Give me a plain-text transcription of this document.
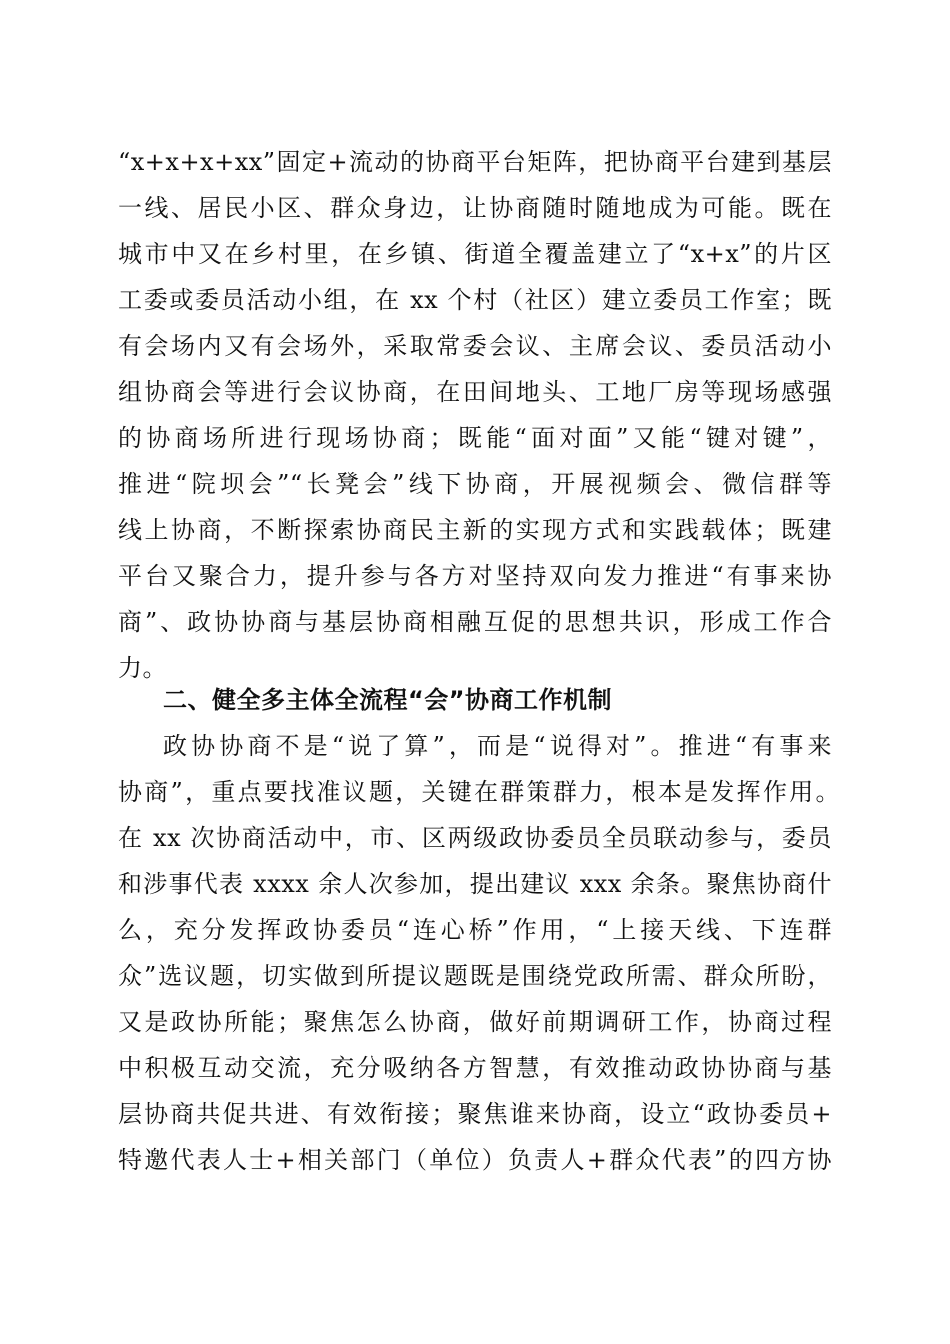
“x+x+x+xx”固定+流动的协商平台矩阵，把协商平台建到基层
一线、居民小区、群众身边，让协商随时随地成为可能。既在
城市中又在乡村里，在乡镇、街道全覆盖建立了“x+x”的片区
工委或委员活动小组，在 xx 个村（社区）建立委员工作室；既
有会场内又有会场外，采取常委会议、主席会议、委员活动小
组协商会等进行会议协商，在田间地头、工地厂房等现场感强
的协商场所进行现场协商；既能“面对面”又能“键对键”，
推进“院坝会”“长凳会”线下协商，开展视频会、微信群等
线上协商，不断探索协商民主新的实现方式和实践载体；既建
平台又聚合力，提升参与各方对坚持双向发力推进“有事来协
商”、政协协商与基层协商相融互促的思想共识，形成工作合
力。
二、健全多主体全流程“会”协商工作机制
政协协商不是“说了算”，而是“说得对”。推进“有事来
协商”，重点要找准议题，关键在群策群力，根本是发挥作用。
在 xx 次协商活动中，市、区两级政协委员全员联动参与，委员
和涉事代表 xxxx 余人次参加，提出建议 xxx 余条。聚焦协商什
么，充分发挥政协委员“连心桥”作用，“上接天线、下连群
众”选议题，切实做到所提议题既是围绕党政所需、群众所盼，
又是政协所能；聚焦怎么协商，做好前期调研工作，协商过程
中积极互动交流，充分吸纳各方智慧，有效推动政协协商与基
层协商共促共进、有效衔接；聚焦谁来协商，设立“政协委员+
特邀代表人士+相关部门（单位）负责人+群众代表”的四方协
